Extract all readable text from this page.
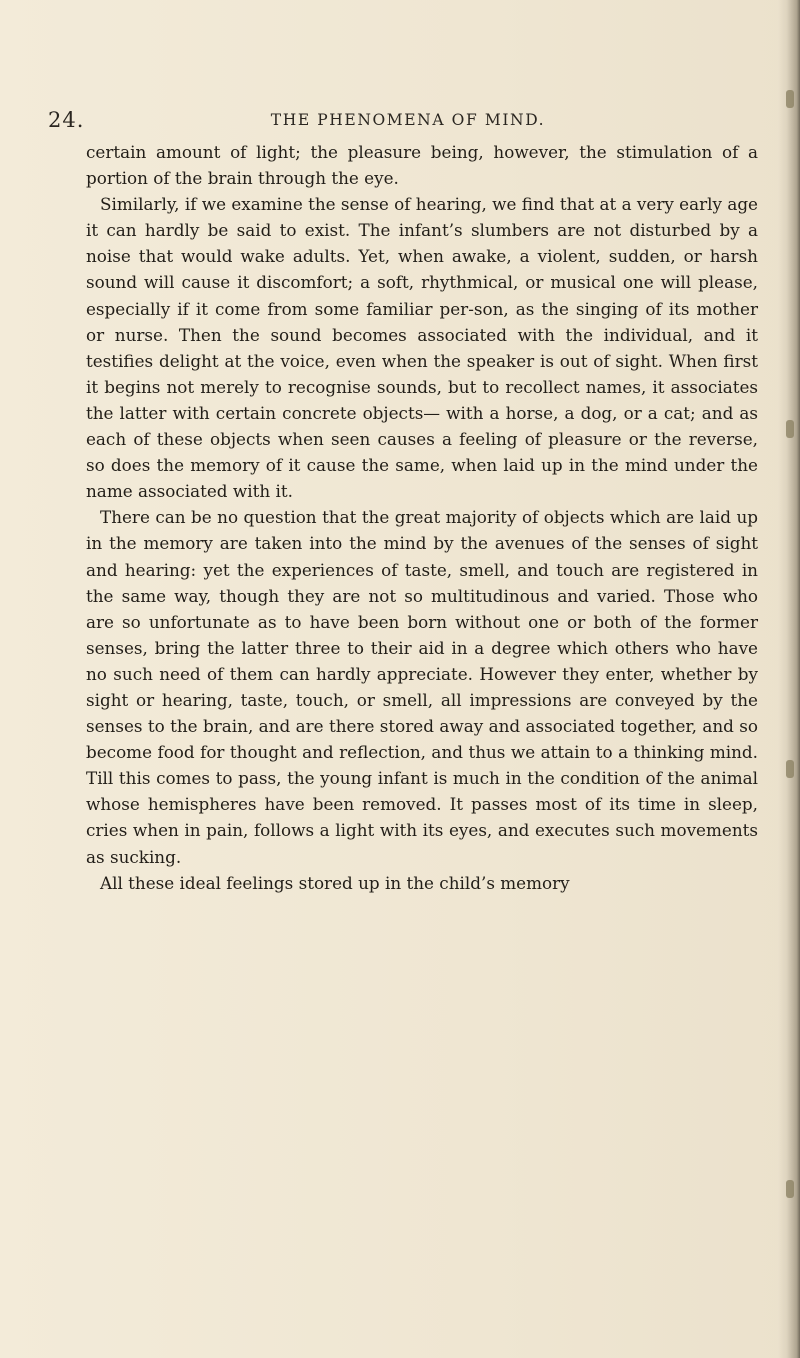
24.	THE PHENOMENA OF MIND.

certain amount of light; the pleasure being, however, the stimulation of a portion of the brain through the eye.

Similarly, if we examine the sense of hearing, we find that at a very early age it can hardly be said to exist. The infant’s slumbers are not disturbed by a noise that would wake adults. Yet, when awake, a violent, sudden, or harsh sound will cause it discomfort; a soft, rhythmical, or musical one will please, especially if it come from some familiar per-son, as the singing of its mother or nurse. Then the sound becomes associated with the individual, and it testifies delight at the voice, even when the speaker is out of sight. When first it begins not merely to recognise sounds, but to recollect names, it associates the latter with certain concrete objects— with a horse, a dog, or a cat; and as each of these objects when seen causes a feeling of pleasure or the reverse, so does the memory of it cause the same, when laid up in the mind under the name associated with it.

There can be no question that the great majority of objects which are laid up in the memory are taken into the mind by the avenues of the senses of sight and hearing: yet the experiences of taste, smell, and touch are registered in the same way, though they are not so multitudinous and varied. Those who are so unfortunate as to have been born without one or both of the former senses, bring the latter three to their aid in a degree which others who have no such need of them can hardly appreciate. However they enter, whether by sight or hearing, taste, touch, or smell, all impressions are conveyed by the senses to the brain, and are there stored away and associated together, and so become food for thought and reflection, and thus we attain to a thinking mind. Till this comes to pass, the young infant is much in the condition of the animal whose hemispheres have been removed. It passes most of its time in sleep, cries when in pain, follows a light with its eyes, and executes such movements as sucking.

All these ideal feelings stored up in the child’s memory
